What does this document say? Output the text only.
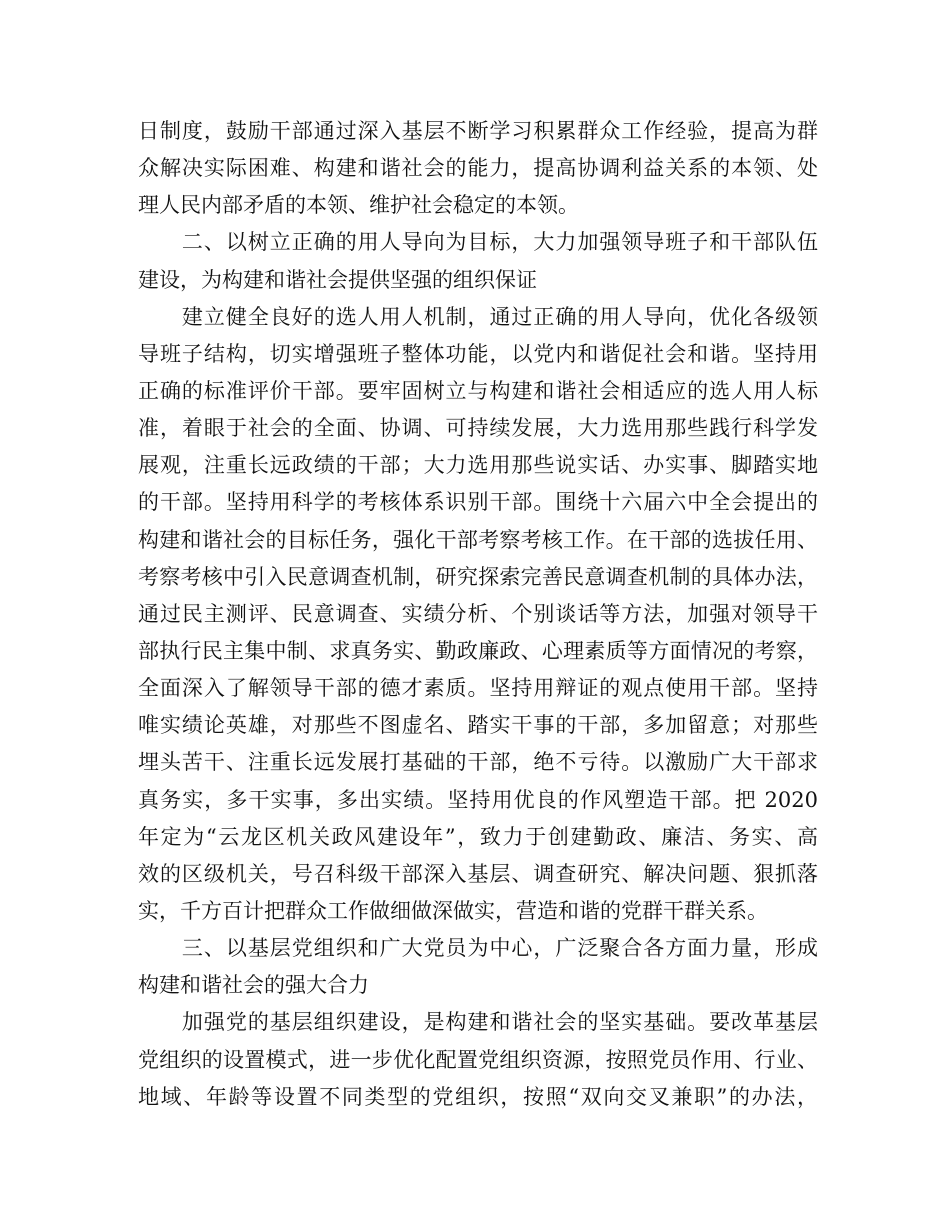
日制度，鼓励干部通过深入基层不断学习积累群众工作经验，提高为群
众解决实际困难、构建和谐社会的能力，提高协调利益关系的本领、处
理人民内部矛盾的本领、维护社会稳定的本领。
　　二、以树立正确的用人导向为目标，大力加强领导班子和干部队伍
建设，为构建和谐社会提供坚强的组织保证
　　建立健全良好的选人用人机制，通过正确的用人导向，优化各级领
导班子结构，切实增强班子整体功能，以党内和谐促社会和谐。坚持用
正确的标准评价干部。要牢固树立与构建和谐社会相适应的选人用人标
准，着眼于社会的全面、协调、可持续发展，大力选用那些践行科学发
展观，注重长远政绩的干部；大力选用那些说实话、办实事、脚踏实地
的干部。坚持用科学的考核体系识别干部。围绕十六届六中全会提出的
构建和谐社会的目标任务，强化干部考察考核工作。在干部的选拔任用、
考察考核中引入民意调查机制，研究探索完善民意调查机制的具体办法，
通过民主测评、民意调查、实绩分析、个别谈话等方法，加强对领导干
部执行民主集中制、求真务实、勤政廉政、心理素质等方面情况的考察，
全面深入了解领导干部的德才素质。坚持用辩证的观点使用干部。坚持
唯实绩论英雄，对那些不图虚名、踏实干事的干部，多加留意；对那些
埋头苦干、注重长远发展打基础的干部，绝不亏待。以激励广大干部求
真务实，多干实事，多出实绩。坚持用优良的作风塑造干部。把 2020
年定为“云龙区机关政风建设年”，致力于创建勤政、廉洁、务实、高
效的区级机关，号召科级干部深入基层、调查研究、解决问题、狠抓落
实，千方百计把群众工作做细做深做实，营造和谐的党群干群关系。
　　三、以基层党组织和广大党员为中心，广泛聚合各方面力量，形成
构建和谐社会的强大合力
　　加强党的基层组织建设，是构建和谐社会的坚实基础。要改革基层
党组织的设置模式，进一步优化配置党组织资源，按照党员作用、行业、
地域、年龄等设置不同类型的党组织，按照“双向交叉兼职”的办法，
